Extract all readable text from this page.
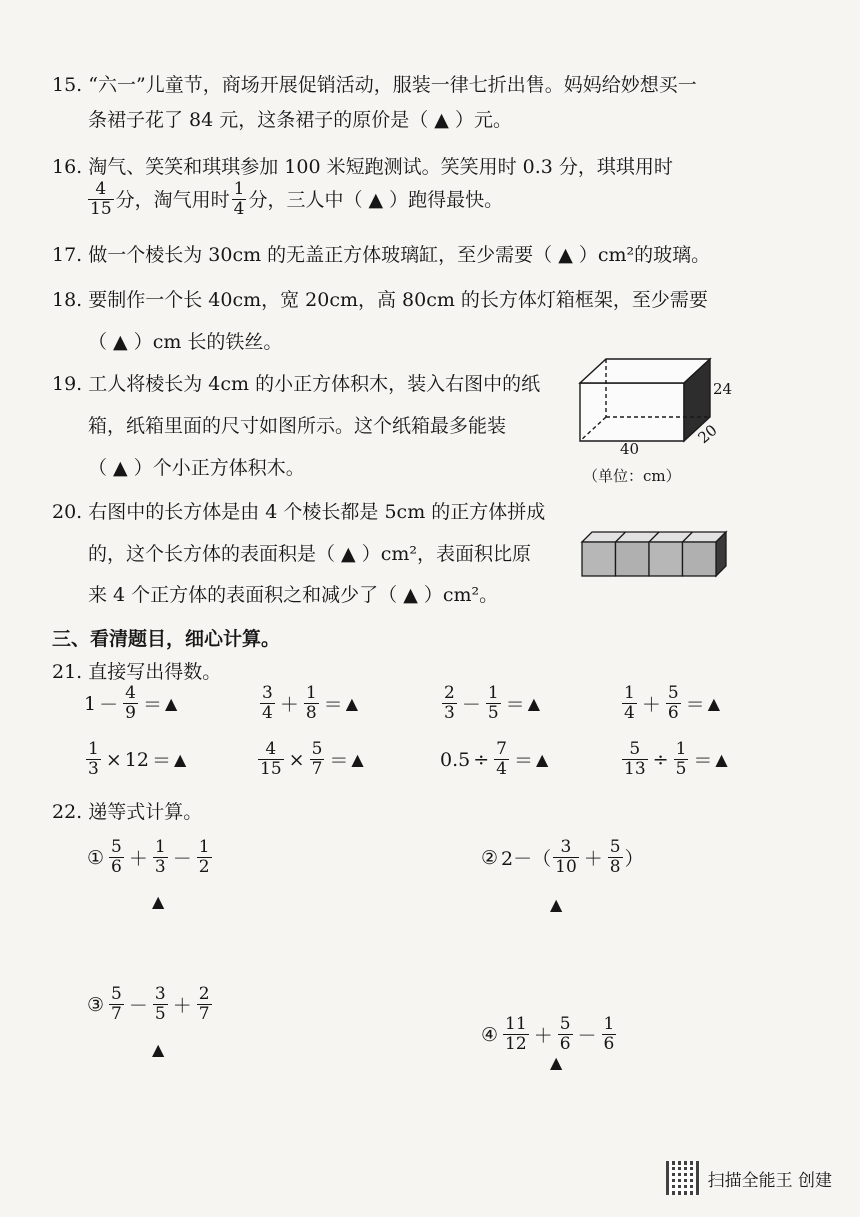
15. “六一”儿童节，商场开展促销活动，服装一律七折出售。妈妈给妙想买一
条裙子花了 84 元，这条裙子的原价是（ ▲ ）元。
16. 淘气、笑笑和琪琪参加 100 米短跑测试。笑笑用时 0.3 分，琪琪用时
$\frac{4}{15}$ 分，淘气用时 $\frac{1}{4}$ 分，三人中（ ▲ ）跑得最快。
17. 做一个棱长为 30cm 的无盖正方体玻璃缸，至少需要（ ▲ ）cm²的玻璃。
18. 要制作一个长 40cm，宽 20cm，高 80cm 的长方体灯箱框架，至少需要
（ ▲ ）cm 长的铁丝。
19. 工人将棱长为 4cm 的小正方体积木，装入右图中的纸
箱，纸箱里面的尺寸如图所示。这个纸箱最多能装
（ ▲ ）个小正方体积木。
24
20
40
（单位：cm）
20. 右图中的长方体是由 4 个棱长都是 5cm 的正方体拼成
的，这个长方体的表面积是（ ▲ ）cm²，表面积比原
来 4 个正方体的表面积之和减少了（ ▲ ）cm²。
三、看清题目，细心计算。
21. 直接写出得数。
$1 - \frac{4}{9}$ ＝ ▲	$\frac{3}{4} + \frac{1}{8}$ ＝ ▲	$\frac{2}{3} - \frac{1}{5}$ ＝ ▲	$\frac{1}{4} + \frac{5}{6}$ ＝ ▲
$\frac{1}{3} \times 12$ ＝ ▲	$\frac{4}{15} \times \frac{5}{7}$ ＝ ▲	$0.5 \div \frac{7}{4}$ ＝ ▲	$\frac{5}{13} \div \frac{1}{5}$ ＝ ▲
22. 递等式计算。
① $\frac{5}{6} + \frac{1}{3} - \frac{1}{2}$
▲
② $2-( \frac{3}{10} + \frac{5}{8}$ ）
▲
③ $\frac{5}{7} - \frac{3}{5} + \frac{2}{7}$
▲
④ $\frac{11}{12} + \frac{5}{6} - \frac{1}{6}$
▲
扫描全能王 创建
